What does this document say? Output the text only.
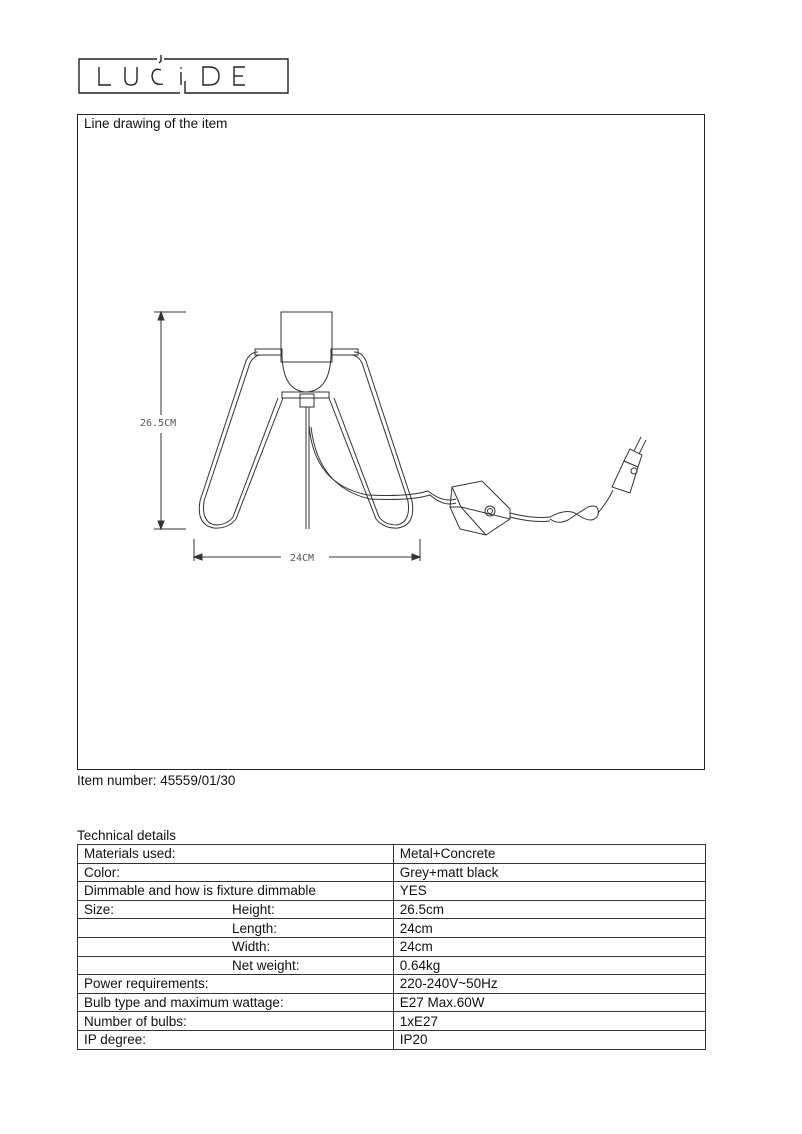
Line drawing of the item
26.5CM
24CM
Item number: 45559/01/30
Technical details
Materials used:	Metal+Concrete
Color:	Grey+matt black
Dimmable and how is fixture dimmable	YES
Size: Height:	26.5cm
Length:	24cm
Width:	24cm
Net weight:	0.64kg
Power requirements:	220-240V~50Hz
Bulb type and maximum wattage:	E27 Max.60W
Number of bulbs:	1xE27
IP degree:	IP20
